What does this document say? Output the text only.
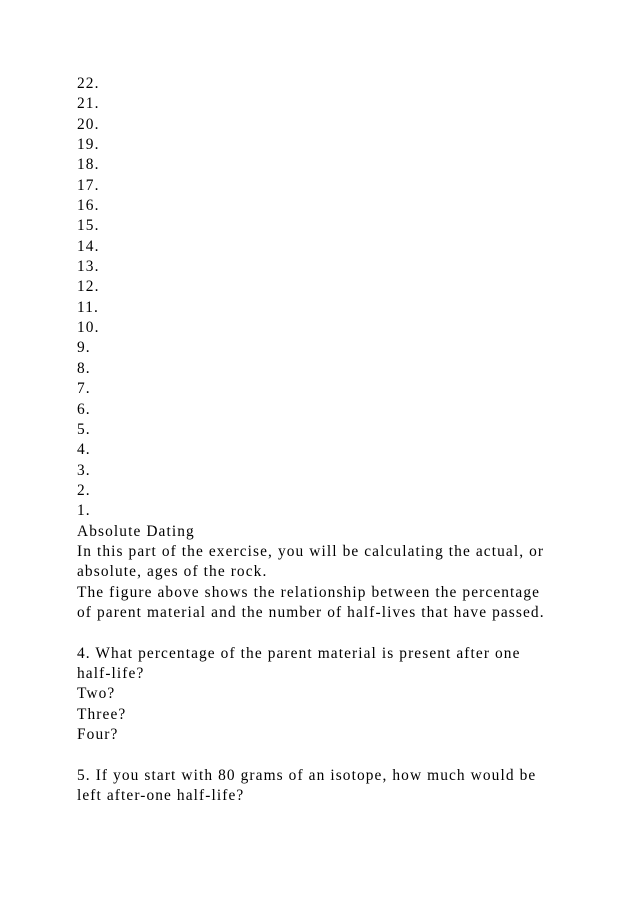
22.
21.
20.
19.
18.
17.
16.
15.
14.
13.
12.
11.
10.
9.
8.
7.
6.
5.
4.
3.
2.
1.
Absolute Dating
In this part of the exercise, you will be calculating the actual, or
absolute, ages of the rock.
The figure above shows the relationship between the percentage
of parent material and the number of half-lives that have passed.
4. What percentage of the parent material is present after one
half-life?
Two?
Three?
Four?
5. If you start with 80 grams of an isotope, how much would be
left after-one half-life?
